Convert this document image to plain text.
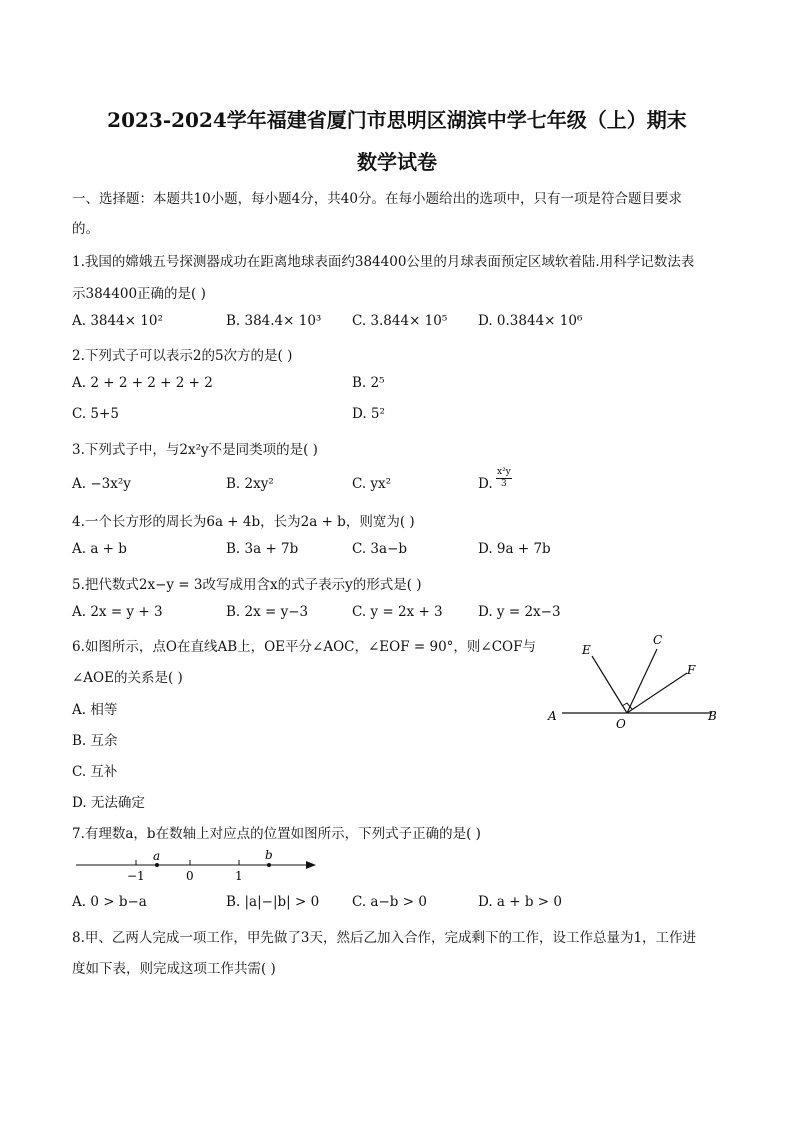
2023-2024学年福建省厦门市思明区湖滨中学七年级（上）期末
数学试卷
一、选择题：本题共10小题，每小题4分，共40分。在每小题给出的选项中，只有一项是符合题目要求
的。
1.我国的嫦娥五号探测器成功在距离地球表面约384400公里的月球表面预定区域软着陆.用科学记数法表
示384400正确的是( )
A. 3844× 10²	B. 384.4× 10³ C. 3.844× 10⁵ D. 0.3844× 10⁶
2.下列式子可以表示2的5次方的是( )
A. 2 + 2 + 2 + 2 + 2	B. 2⁵
C. 5+5	D. 5²
3.下列式子中，与2x²y不是同类项的是( )
A. −3x²y	B. 2xy²	C. yx²	D. $\frac{\text{x²y}}{3}$
4.一个长方形的周长为6a + 4b，长为2a + b，则宽为( )
A. a + b	B. 3a + 7b	C. 3a−b	D. 9a + 7b
5.把代数式2x−y = 3改写成用含x的式子表示y的形式是( )
A. 2x = y + 3	B. 2x = y−3	C. y = 2x + 3	D. y = 2x−3
6.如图所示，点O在直线AB上，OE平分∠AOC，∠EOF = 90°，则∠COF与
∠AOE的关系是( )
A. 相等
B. 互余
C. 互补
D. 无法确定
A	B
O
E
C
F
7.有理数a，b在数轴上对应点的位置如图所示，下列式子正确的是( )
−1	0	1
a	b
A. 0 > b−a	B. |a|−|b| > 0 C. a−b > 0	D. a + b > 0
8.甲、乙两人完成一项工作，甲先做了3天，然后乙加入合作，完成剩下的工作，设工作总量为1，工作进
度如下表，则完成这项工作共需( )
